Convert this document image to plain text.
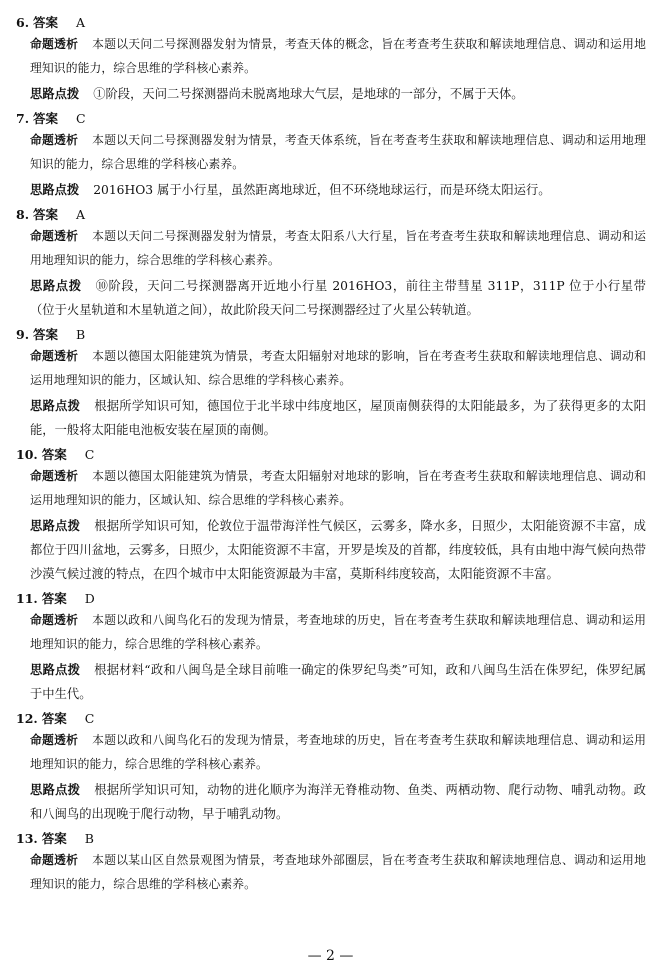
6. 答案 A

命题透析 本题以天问二号探测器发射为情景，考查天体的概念，旨在考查考生获取和解读地理信息、调动和运用地理知识的能力，综合思维的学科核心素养。

思路点拨 ①阶段，天问二号探测器尚未脱离地球大气层，是地球的一部分，不属于天体。

7. 答案 C

命题透析 本题以天问二号探测器发射为情景，考查天体系统，旨在考查考生获取和解读地理信息、调动和运用地理知识的能力，综合思维的学科核心素养。

思路点拨 2016HO3 属于小行星，虽然距离地球近，但不环绕地球运行，而是环绕太阳运行。

8. 答案 A

命题透析 本题以天问二号探测器发射为情景，考查太阳系八大行星，旨在考查考生获取和解读地理信息、调动和运用地理知识的能力，综合思维的学科核心素养。

思路点拨 ⑩阶段，天问二号探测器离开近地小行星 2016HO3，前往主带彗星 311P，311P 位于小行星带（位于火星轨道和木星轨道之间），故此阶段天问二号探测器经过了火星公转轨道。

9. 答案 B

命题透析 本题以德国太阳能建筑为情景，考查太阳辐射对地球的影响，旨在考查考生获取和解读地理信息、调动和运用地理知识的能力，区域认知、综合思维的学科核心素养。

思路点拨 根据所学知识可知，德国位于北半球中纬度地区，屋顶南侧获得的太阳能最多，为了获得更多的太阳能，一般将太阳能电池板安装在屋顶的南侧。

10. 答案 C

命题透析 本题以德国太阳能建筑为情景，考查太阳辐射对地球的影响，旨在考查考生获取和解读地理信息、调动和运用地理知识的能力，区域认知、综合思维的学科核心素养。

思路点拨 根据所学知识可知，伦敦位于温带海洋性气候区，云雾多，降水多，日照少，太阳能资源不丰富，成都位于四川盆地，云雾多，日照少，太阳能资源不丰富，开罗是埃及的首都，纬度较低，具有由地中海气候向热带沙漠气候过渡的特点，在四个城市中太阳能资源最为丰富，莫斯科纬度较高，太阳能资源不丰富。

11. 答案 D

命题透析 本题以政和八闽鸟化石的发现为情景，考查地球的历史，旨在考查考生获取和解读地理信息、调动和运用地理知识的能力，综合思维的学科核心素养。

思路点拨 根据材料“政和八闽鸟是全球目前唯一确定的侏罗纪鸟类”可知，政和八闽鸟生活在侏罗纪，侏罗纪属于中生代。

12. 答案 C

命题透析 本题以政和八闽鸟化石的发现为情景，考查地球的历史，旨在考查考生获取和解读地理信息、调动和运用地理知识的能力，综合思维的学科核心素养。

思路点拨 根据所学知识可知，动物的进化顺序为海洋无脊椎动物、鱼类、两栖动物、爬行动物、哺乳动物。政和八闽鸟的出现晚于爬行动物，早于哺乳动物。

13. 答案 B

命题透析 本题以某山区自然景观图为情景，考查地球外部圈层，旨在考查考生获取和解读地理信息、调动和运用地理知识的能力，综合思维的学科核心素养。

— 2 —
